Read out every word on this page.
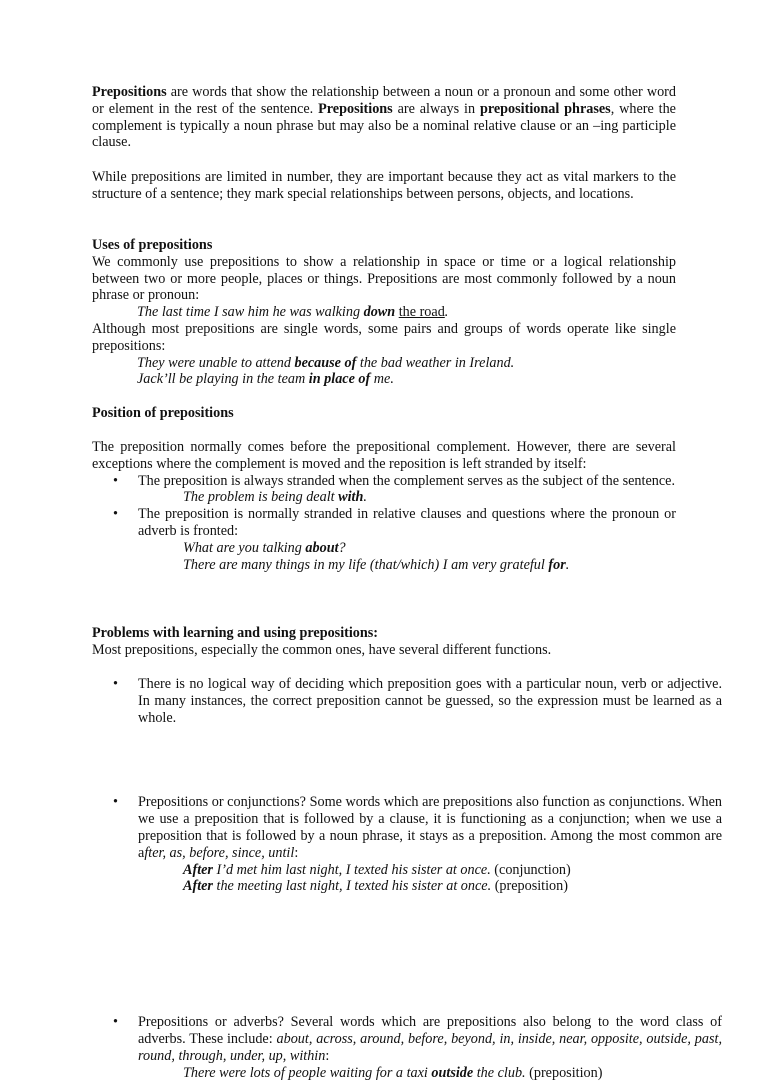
Prepositions are words that show the relationship between a noun or a pronoun and some other word or element in the rest of the sentence. Prepositions are always in prepositional phrases, where the complement is typically a noun phrase but may also be a nominal relative clause or an –ing participle clause.

While prepositions are limited in number, they are important because they act as vital markers to the structure of a sentence; they mark special relationships between persons, objects, and locations.

Uses of prepositions

We commonly use prepositions to show a relationship in space or time or a logical relationship between two or more people, places or things. Prepositions are most commonly followed by a noun phrase or pronoun:

The last time I saw him he was walking down the road.

Although most prepositions are single words, some pairs and groups of words operate like single prepositions:

They were unable to attend because of the bad weather in Ireland.

Jack’ll be playing in the team in place of me.

Position of prepositions

The preposition normally comes before the prepositional complement. However, there are several exceptions where the complement is moved and the reposition is left stranded by itself:

• The preposition is always stranded when the complement serves as the subject of the sentence.

The problem is being dealt with.

• The preposition is normally stranded in relative clauses and questions where the pronoun or adverb is fronted:

What are you talking about?

There are many things in my life (that/which) I am very grateful for.

Problems with learning and using prepositions:

Most prepositions, especially the common ones, have several different functions.

• There is no logical way of deciding which preposition goes with a particular noun, verb or adjective. In many instances, the correct preposition cannot be guessed, so the expression must be learned as a whole.

• Prepositions or conjunctions? Some words which are prepositions also function as conjunctions. When we use a preposition that is followed by a clause, it is functioning as a conjunction; when we use a preposition that is followed by a noun phrase, it stays as a preposition. Among the most common are after, as, before, since, until:

After I’d met him last night, I texted his sister at once. (conjunction)

After the meeting last night, I texted his sister at once. (preposition)

• Prepositions or adverbs? Several words which are prepositions also belong to the word class of adverbs. These include: about, across, around, before, beyond, in, inside, near, opposite, outside, past, round, through, under, up, within:

There were lots of people waiting for a taxi outside the club. (preposition)
